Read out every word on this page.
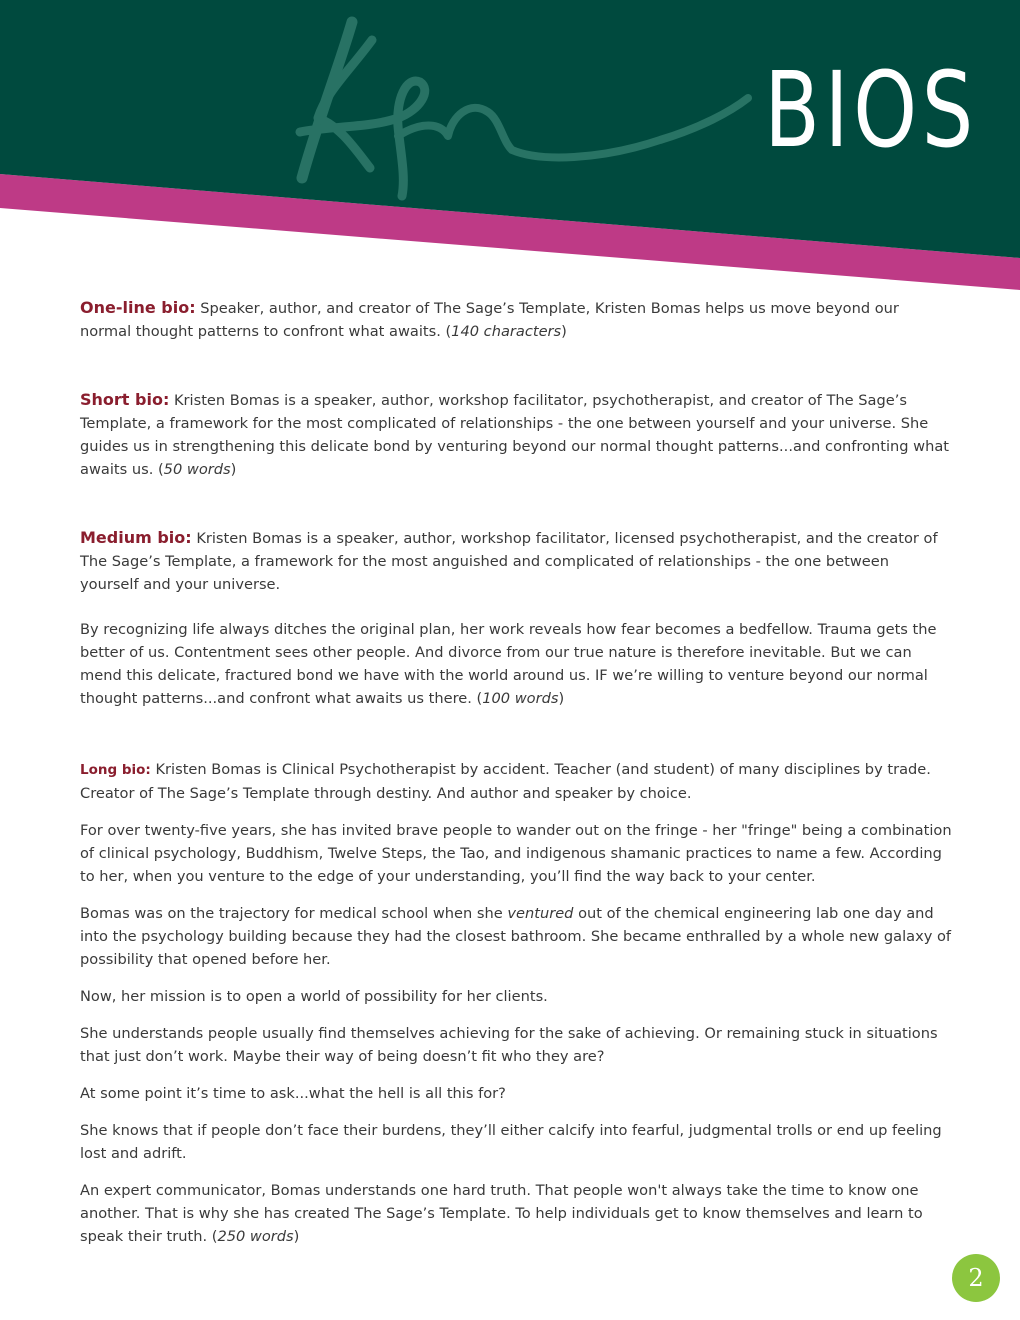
BIOS

One-line bio: Speaker, author, and creator of The Sage’s Template, Kristen Bomas helps us move beyond our normal thought patterns to confront what awaits. (140 characters)

Short bio: Kristen Bomas is a speaker, author, workshop facilitator, psychotherapist, and creator of The Sage’s Template, a framework for the most complicated of relationships - the one between yourself and your universe. She guides us in strengthening this delicate bond by venturing beyond our normal thought patterns...and confronting what awaits us. (50 words)

Medium bio: Kristen Bomas is a speaker, author, workshop facilitator, licensed psychotherapist, and the creator of The Sage’s Template, a framework for the most anguished and complicated of relationships - the one between yourself and your universe.

By recognizing life always ditches the original plan, her work reveals how fear becomes a bedfellow. Trauma gets the better of us. Contentment sees other people. And divorce from our true nature is therefore inevitable. But we can mend this delicate, fractured bond we have with the world around us. IF we’re willing to venture beyond our normal thought patterns...and confront what awaits us there. (100 words)

Long bio: Kristen Bomas is Clinical Psychotherapist by accident. Teacher (and student) of many disciplines by trade. Creator of The Sage’s Template through destiny. And author and speaker by choice.

For over twenty-five years, she has invited brave people to wander out on the fringe - her "fringe" being a combination of clinical psychology, Buddhism, Twelve Steps, the Tao, and indigenous shamanic practices to name a few. According to her, when you venture to the edge of your understanding, you’ll find the way back to your center.

Bomas was on the trajectory for medical school when she ventured out of the chemical engineering lab one day and into the psychology building because they had the closest bathroom. She became enthralled by a whole new galaxy of possibility that opened before her.

Now, her mission is to open a world of possibility for her clients.

She understands people usually find themselves achieving for the sake of achieving. Or remaining stuck in situations that just don’t work. Maybe their way of being doesn’t fit who they are?

At some point it’s time to ask...what the hell is all this for?

She knows that if people don’t face their burdens, they’ll either calcify into fearful, judgmental trolls or end up feeling lost and adrift.

An expert communicator, Bomas understands one hard truth. That people won't always take the time to know one another. That is why she has created The Sage’s Template. To help individuals get to know themselves and learn to speak their truth. (250 words)

2
